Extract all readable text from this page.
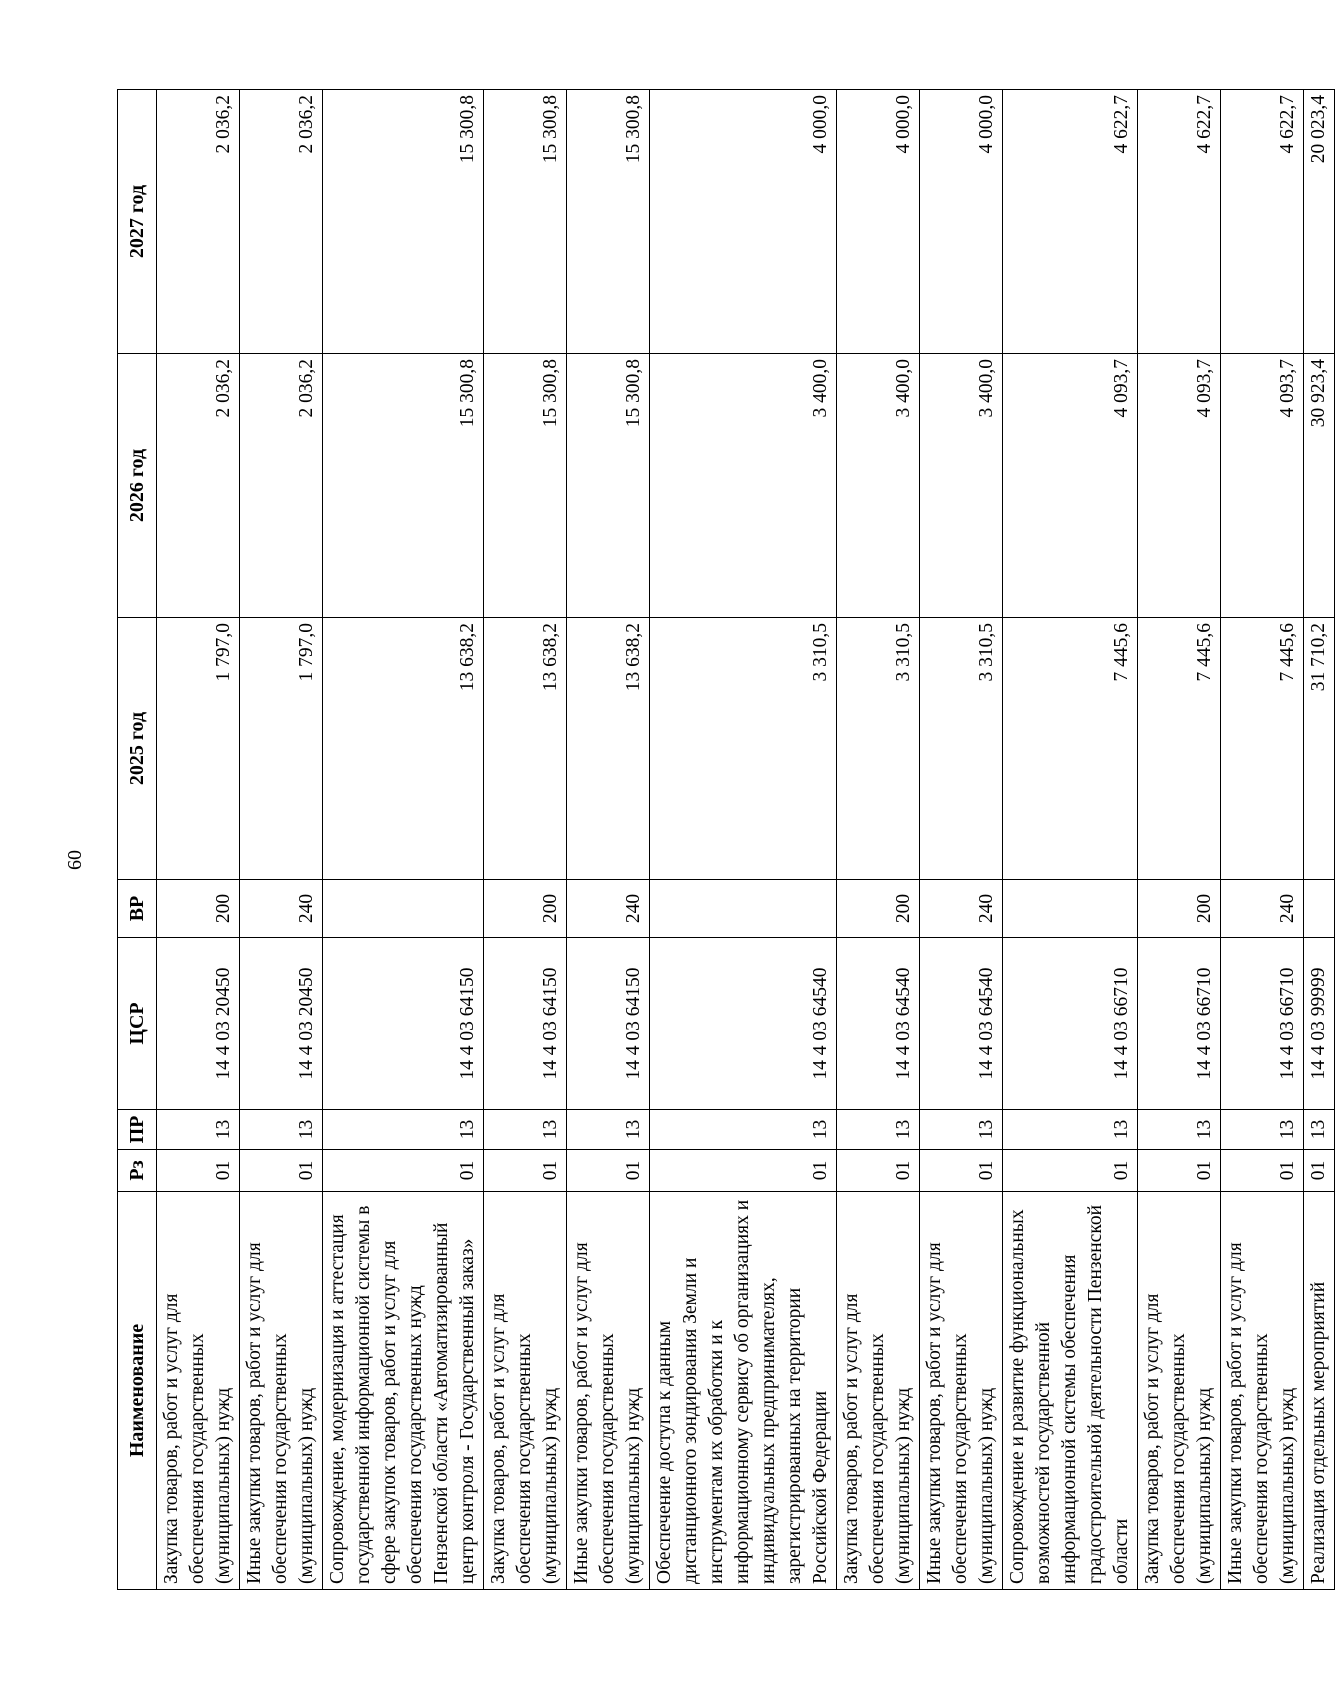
60
Наименование	Рз	ПР	ЦСР	ВР	2025 год	2026 год	2027 год
Закупка товаров, работ и услуг для обеспечения государственных (муниципальных) нужд	01	13	14 4 03 20450	200	1 797,0	2 036,2	2 036,2
Иные закупки товаров, работ и услуг для обеспечения государственных (муниципальных) нужд	01	13	14 4 03 20450	240	1 797,0	2 036,2	2 036,2
Сопровождение, модернизация и аттестация государственной информационной системы в сфере закупок товаров, работ и услуг для обеспечения государственных нужд Пензенской области «Автоматизированный центр контроля - Государственный заказ»	01	13	14 4 03 64150		13 638,2	15 300,8	15 300,8
Закупка товаров, работ и услуг для обеспечения государственных (муниципальных) нужд	01	13	14 4 03 64150	200	13 638,2	15 300,8	15 300,8
Иные закупки товаров, работ и услуг для обеспечения государственных (муниципальных) нужд	01	13	14 4 03 64150	240	13 638,2	15 300,8	15 300,8
Обеспечение доступа к данным дистанционного зондирования Земли и инструментам их обработки и к информационному сервису об организациях и индивидуальных предпринимателях, зарегистрированных на территории Российской Федерации	01	13	14 4 03 64540		3 310,5	3 400,0	4 000,0
Закупка товаров, работ и услуг для обеспечения государственных (муниципальных) нужд	01	13	14 4 03 64540	200	3 310,5	3 400,0	4 000,0
Иные закупки товаров, работ и услуг для обеспечения государственных (муниципальных) нужд	01	13	14 4 03 64540	240	3 310,5	3 400,0	4 000,0
Сопровождение и развитие функциональных возможностей государственной информационной системы обеспечения градостроительной деятельности Пензенской области	01	13	14 4 03 66710		7 445,6	4 093,7	4 622,7
Закупка товаров, работ и услуг для обеспечения государственных (муниципальных) нужд	01	13	14 4 03 66710	200	7 445,6	4 093,7	4 622,7
Иные закупки товаров, работ и услуг для обеспечения государственных (муниципальных) нужд	01	13	14 4 03 66710	240	7 445,6	4 093,7	4 622,7
Реализация отдельных мероприятий	01	13	14 4 03 99999		31 710,2	30 923,4	20 023,4
